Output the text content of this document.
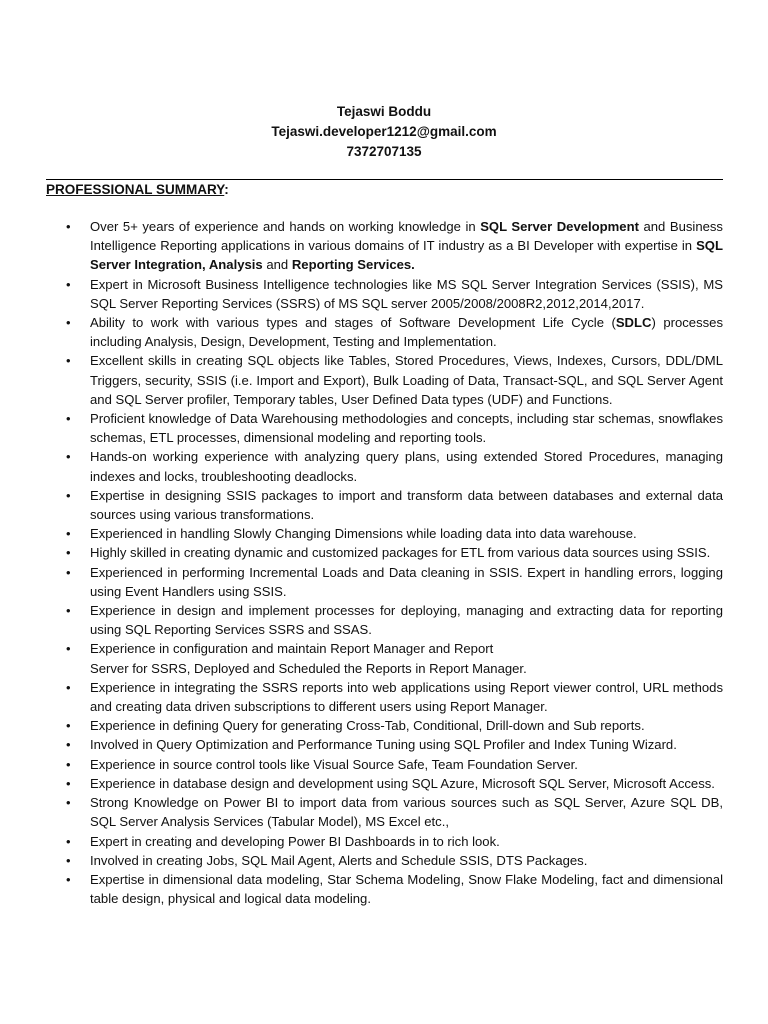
Tejaswi Boddu
Tejaswi.developer1212@gmail.com
7372707135
PROFESSIONAL SUMMARY:
• Over 5+ years of experience and hands on working knowledge in SQL Server Development and Business Intelligence Reporting applications in various domains of IT industry as a BI Developer with expertise in SQL Server Integration, Analysis and Reporting Services.
• Expert in Microsoft Business Intelligence technologies like MS SQL Server Integration Services (SSIS), MS SQL Server Reporting Services (SSRS) of MS SQL server 2005/2008/2008R2,2012,2014,2017.
• Ability to work with various types and stages of Software Development Life Cycle (SDLC) processes including Analysis, Design, Development, Testing and Implementation.
• Excellent skills in creating SQL objects like Tables, Stored Procedures, Views, Indexes, Cursors, DDL/DML Triggers, security, SSIS (i.e. Import and Export), Bulk Loading of Data, Transact-SQL, and SQL Server Agent and SQL Server profiler, Temporary tables, User Defined Data types (UDF) and Functions.
• Proficient knowledge of Data Warehousing methodologies and concepts, including star schemas, snowflakes schemas, ETL processes, dimensional modeling and reporting tools.
• Hands-on working experience with analyzing query plans, using extended Stored Procedures, managing indexes and locks, troubleshooting deadlocks.
• Expertise in designing SSIS packages to import and transform data between databases and external data sources using various transformations.
• Experienced in handling Slowly Changing Dimensions while loading data into data warehouse.
• Highly skilled in creating dynamic and customized packages for ETL from various data sources using SSIS.
• Experienced in performing Incremental Loads and Data cleaning in SSIS. Expert in handling errors, logging using Event Handlers using SSIS.
• Experience in design and implement processes for deploying, managing and extracting data for reporting using SQL Reporting Services SSRS and SSAS.
• Experience in configuration and maintain Report Manager and Report
Server for SSRS, Deployed and Scheduled the Reports in Report Manager.
• Experience in integrating the SSRS reports into web applications using Report viewer control, URL methods and creating data driven subscriptions to different users using Report Manager.
• Experience in defining Query for generating Cross-Tab, Conditional, Drill-down and Sub reports.
• Involved in Query Optimization and Performance Tuning using SQL Profiler and Index Tuning Wizard.
• Experience in source control tools like Visual Source Safe, Team Foundation Server.
• Experience in database design and development using SQL Azure, Microsoft SQL Server, Microsoft Access.
• Strong Knowledge on Power BI to import data from various sources such as SQL Server, Azure SQL DB, SQL Server Analysis Services (Tabular Model), MS Excel etc.,
• Expert in creating and developing Power BI Dashboards in to rich look.
• Involved in creating Jobs, SQL Mail Agent, Alerts and Schedule SSIS, DTS Packages.
• Expertise in dimensional data modeling, Star Schema Modeling, Snow Flake Modeling, fact and dimensional table design, physical and logical data modeling.
